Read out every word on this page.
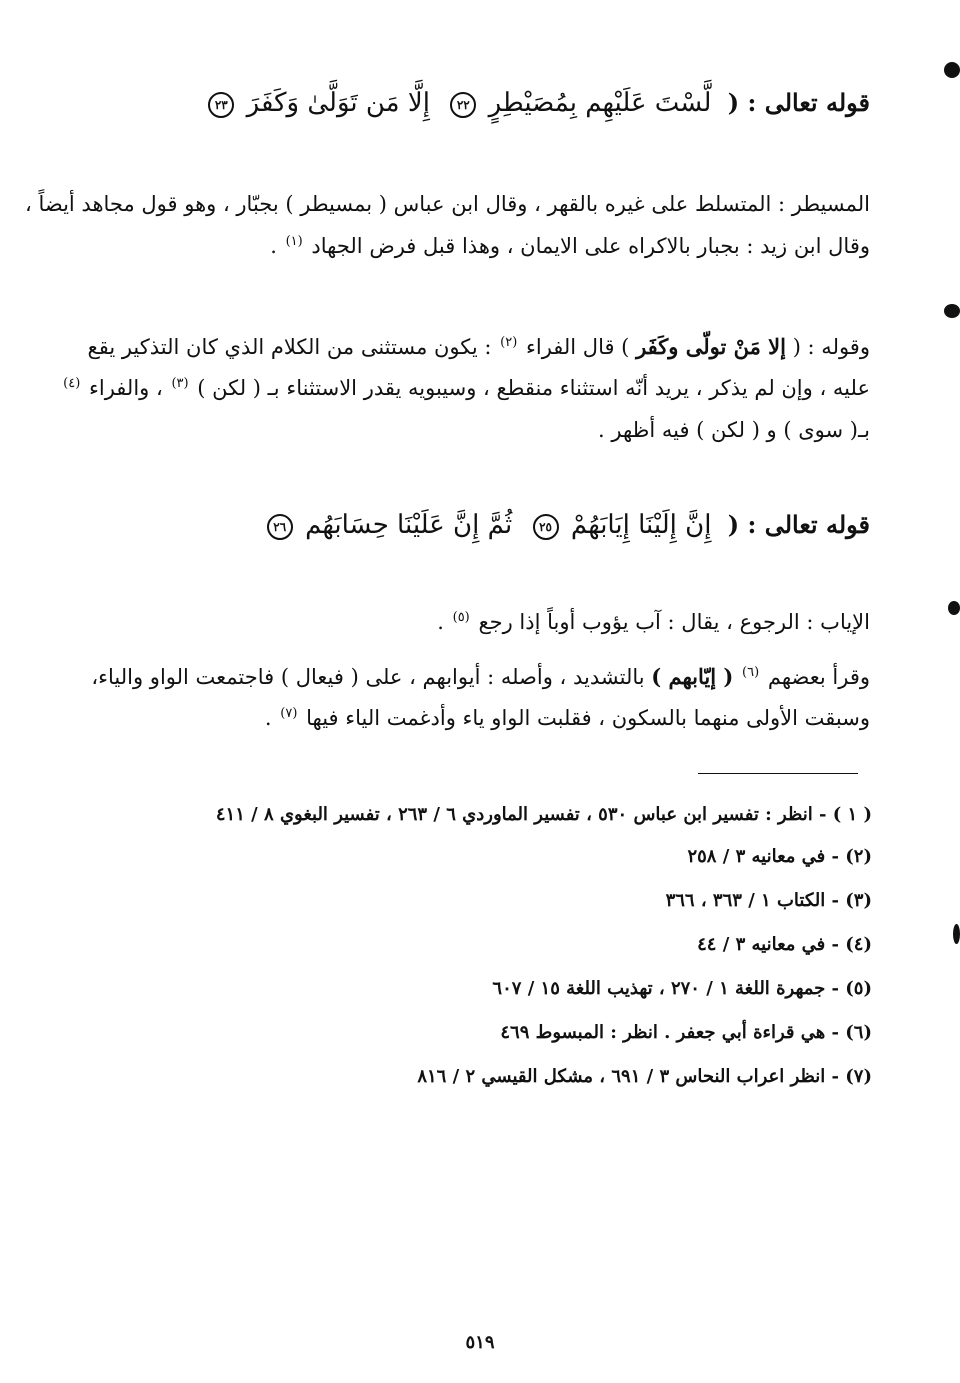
قوله تعالى : ( لَّسْتَ عَلَيْهِم بِمُصَيْطِرٍ ٢٢ إِلَّا مَن تَوَلَّىٰ وَكَفَرَ ٢٣
المسيطر : المتسلط على غيره بالقهر ، وقال ابن عباس ( بمسيطر ) بجبّار ، وهو قول مجاهد أيضاً ،
وقال ابن زيد : بجبار بالاكراه على الايمان ، وهذا قبل فرض الجهاد $^{(١)}$ .
وقوله : ( إلا مَنْ تولّى وكَفَر ) قال الفراء $^{(٢)}$ : يكون مستثنى من الكلام الذي كان التذكير يقع
عليه ، وإن لم يذكر ، يريد أنّه استثناء منقطع ، وسيبويه يقدر الاستثناء بـ ( لكن ) $^{(٣)}$ ، والفراء $^{(٤)}$
بـ( سوى ) و ( لكن ) فيه أظهر .
قوله تعالى : ( إِنَّ إِلَيْنَا إِيَابَهُمْ ٢٥ ثُمَّ إِنَّ عَلَيْنَا حِسَابَهُم ٢٦
الإياب : الرجوع ، يقال : آب يؤوب أوباً إذا رجع $^{(٥)}$ .
وقرأ بعضهم $^{(٦)}$ ( إيّابهم ) بالتشديد ، وأصله : أيوابهم ، على ( فيعال ) فاجتمعت الواو والياء،
وسبقت الأولى منهما بالسكون ، فقلبت الواو ياء وأدغمت الياء فيها $^{(٧)}$ .
( ١ ) - انظر : تفسير ابن عباس ٥٣٠ ، تفسير الماوردي ٦ / ٢٦٣ ، تفسير البغوي ٨ / ٤١١
(٢) - في معانيه ٣ / ٢٥٨
(٣) - الكتاب ١ / ٣٦٣ ، ٣٦٦
(٤) - في معانيه ٣ / ٤٤
(٥) - جمهرة اللغة ١ / ٢٧٠ ، تهذيب اللغة ١٥ / ٦٠٧
(٦) - هي قراءة أبي جعفر . انظر : المبسوط ٤٦٩
(٧) - انظر اعراب النحاس ٣ / ٦٩١ ، مشكل القيسي ٢ / ٨١٦
٥١٩
